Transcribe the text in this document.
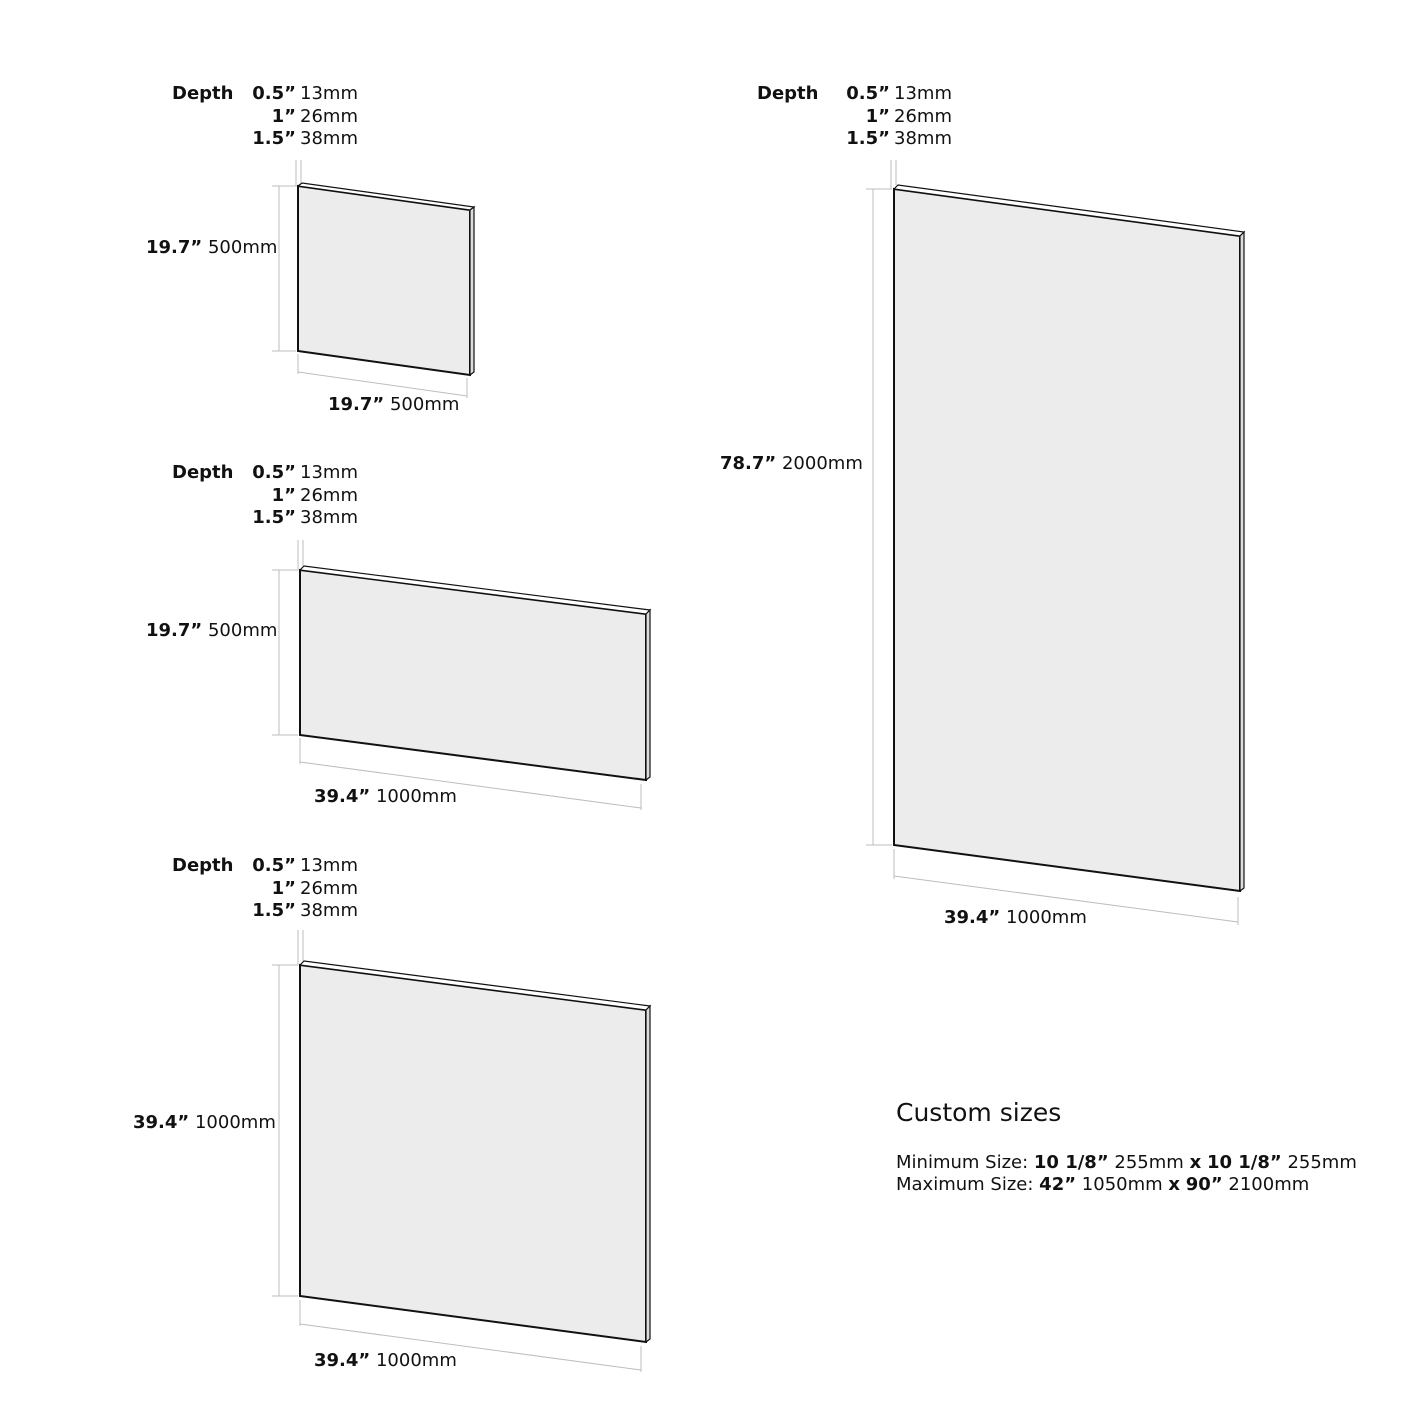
Depth	0.5” 13mm
1” 26mm
1.5” 38mm
19.7” 500mm
19.7” 500mm
Depth	0.5” 13mm
1” 26mm
1.5” 38mm
19.7” 500mm
39.4” 1000mm
Depth	0.5” 13mm
1” 26mm
1.5” 38mm
39.4” 1000mm
39.4” 1000mm
Depth	0.5” 13mm
1” 26mm
1.5” 38mm
78.7” 2000mm
39.4” 1000mm
Custom sizes
Minimum Size: 10 1/8” 255mm x 10 1/8” 255mm
Maximum Size: 42” 1050mm x 90” 2100mm
